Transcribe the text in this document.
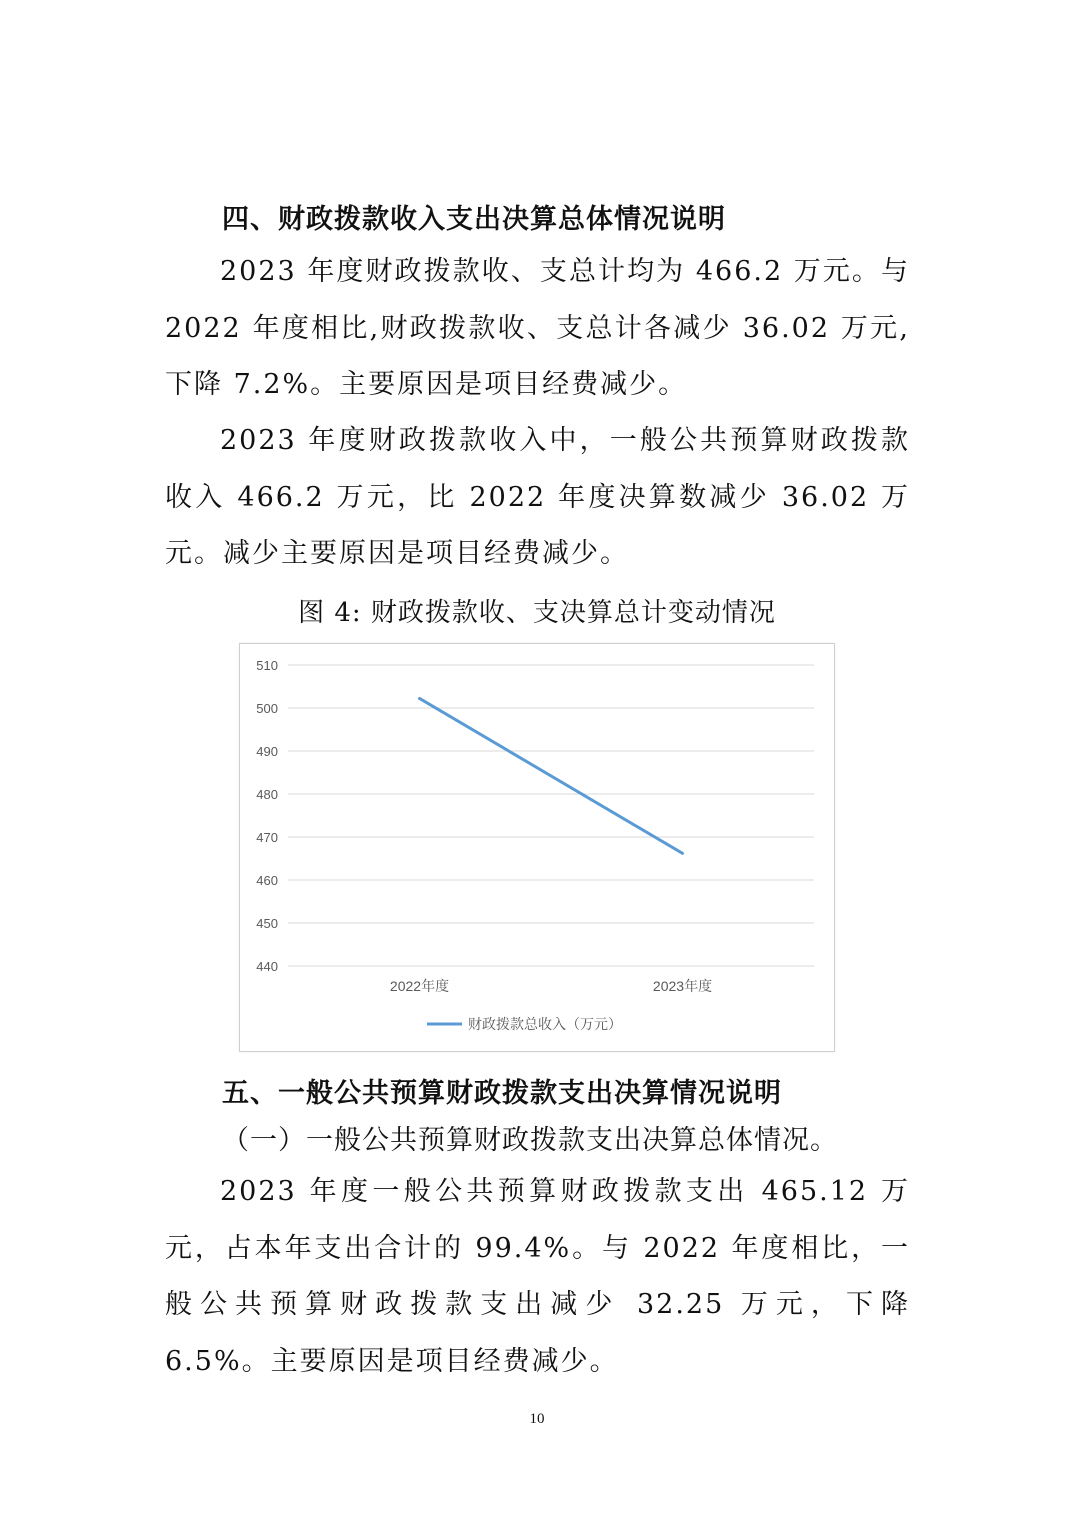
四、财政拨款收入支出决算总体情况说明

2023 年度财政拨款收、支总计均为 466.2 万元。与 2022 年度相比,财政拨款收、支总计各减少 36.02 万元,下降 7.2%。主要原因是项目经费减少。

2023 年度财政拨款收入中，一般公共预算财政拨款收入 466.2 万元，比 2022 年度决算数减少 36.02 万元。减少主要原因是项目经费减少。

图 4: 财政拨款收、支决算总计变动情况

510
500
490
480
470
460
450
440
2022年度	2023年度
财政拨款总收入（万元）
五、一般公共预算财政拨款支出决算情况说明

（一）一般公共预算财政拨款支出决算总体情况。

2023 年度一般公共预算财政拨款支出 465.12 万元，占本年支出合计的 99.4%。与 2022 年度相比，一般公共预算财政拨款支出减少 32.25 万元，下降 6.5%。主要原因是项目经费减少。

10
